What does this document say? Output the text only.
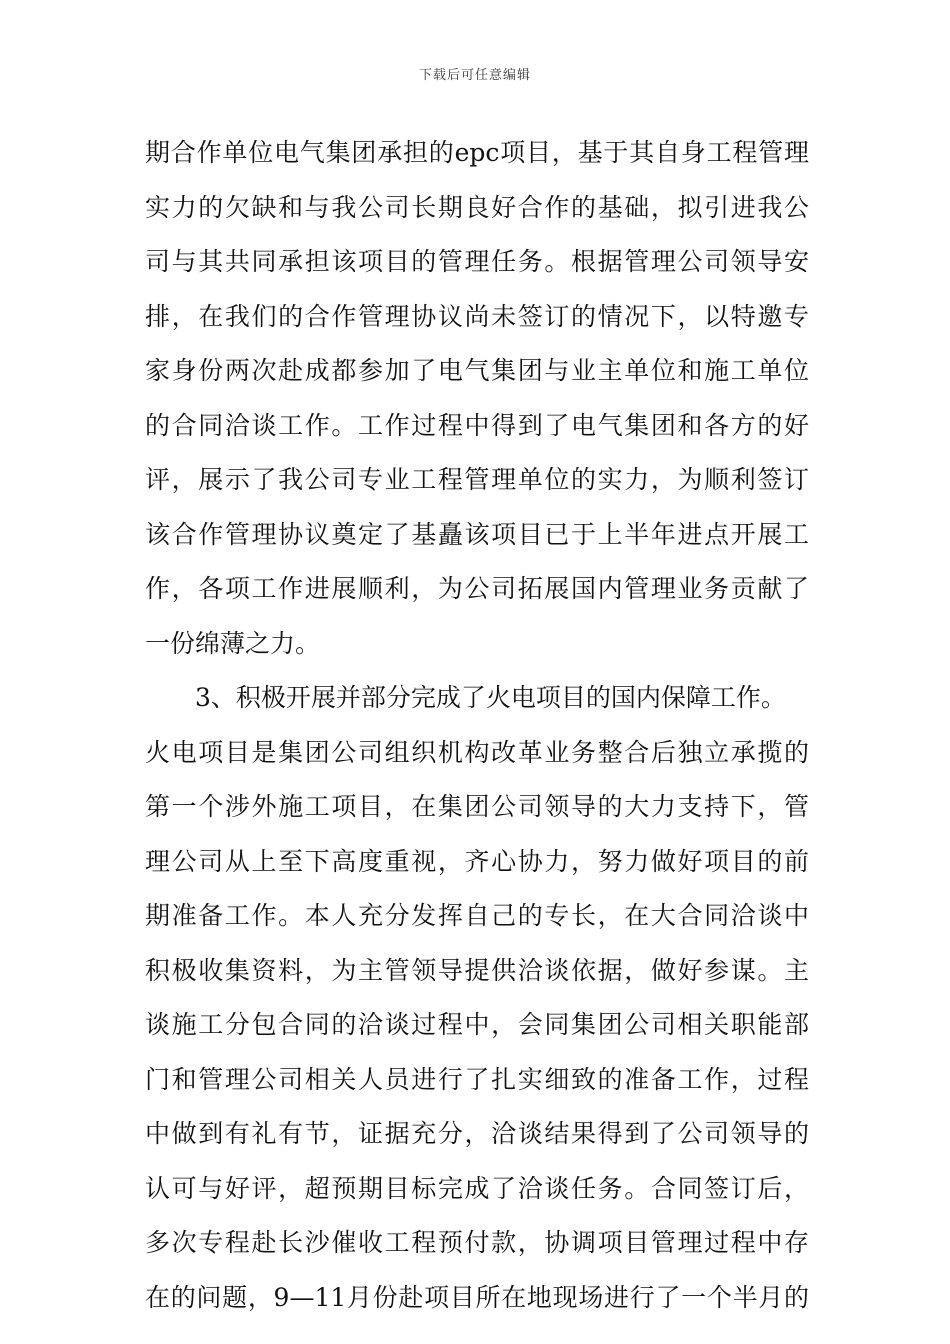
下载后可任意编辑
期合作单位电气集团承担的epc项目，基于其自身工程管理
实力的欠缺和与我公司长期良好合作的基础，拟引进我公
司与其共同承担该项目的管理任务。根据管理公司领导安
排，在我们的合作管理协议尚未签订的情况下，以特邀专
家身份两次赴成都参加了电气集团与业主单位和施工单位
的合同洽谈工作。工作过程中得到了电气集团和各方的好
评，展示了我公司专业工程管理单位的实力，为顺利签订
该合作管理协议奠定了基矗该项目已于上半年进点开展工
作，各项工作进展顺利，为公司拓展国内管理业务贡献了
一份绵薄之力。
3、积极开展并部分完成了火电项目的国内保障工作。
火电项目是集团公司组织机构改革业务整合后独立承揽的
第一个涉外施工项目，在集团公司领导的大力支持下，管
理公司从上至下高度重视，齐心协力，努力做好项目的前
期准备工作。本人充分发挥自己的专长，在大合同洽谈中
积极收集资料，为主管领导提供洽谈依据，做好参谋。主
谈施工分包合同的洽谈过程中，会同集团公司相关职能部
门和管理公司相关人员进行了扎实细致的准备工作，过程
中做到有礼有节，证据充分，洽谈结果得到了公司领导的
认可与好评，超预期目标完成了洽谈任务。合同签订后，
多次专程赴长沙催收工程预付款，协调项目管理过程中存
在的问题，9—11月份赴项目所在地现场进行了一个半月的
